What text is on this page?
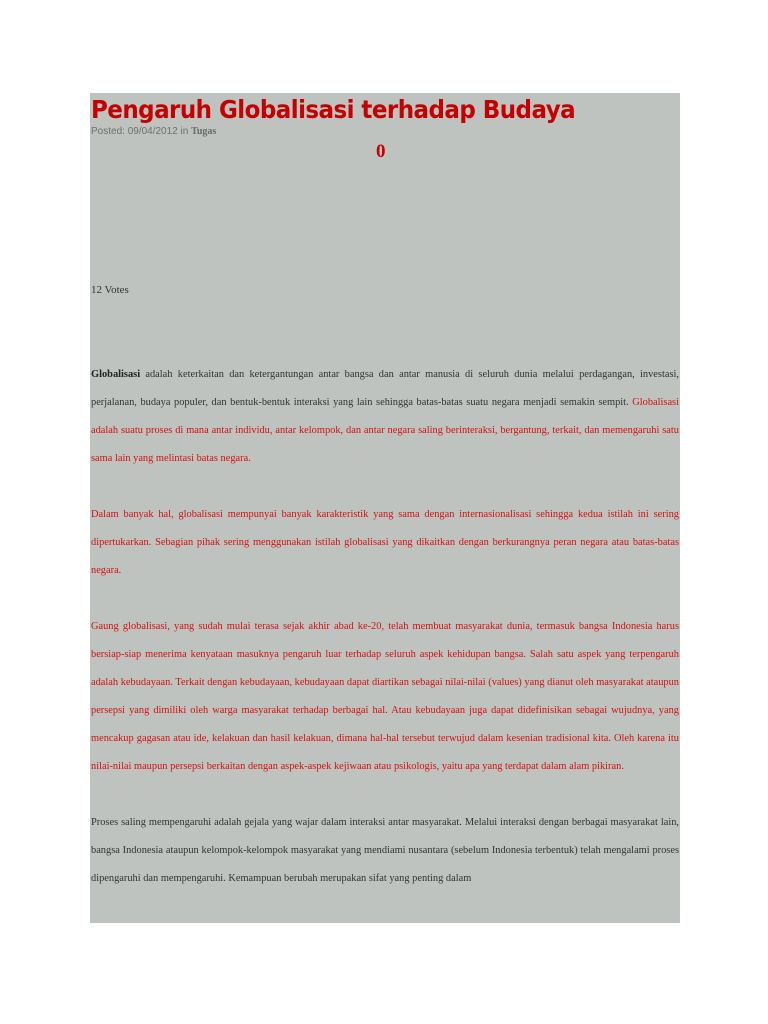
Pengaruh Globalisasi terhadap Budaya
Posted: 09/04/2012 in Tugas
0
12 Votes

Globalisasi adalah keterkaitan dan ketergantungan antar bangsa dan antar manusia di seluruh dunia melalui perdagangan, investasi, perjalanan, budaya populer, dan bentuk-bentuk interaksi yang lain sehingga batas-batas suatu negara menjadi semakin sempit. Globalisasi adalah suatu proses di mana antar individu, antar kelompok, dan antar negara saling berinteraksi, bergantung, terkait, dan memengaruhi satu sama lain yang melintasi batas negara.

Dalam banyak hal, globalisasi mempunyai banyak karakteristik yang sama dengan internasionalisasi sehingga kedua istilah ini sering dipertukarkan. Sebagian pihak sering menggunakan istilah globalisasi yang dikaitkan dengan berkurangnya peran negara atau batas-batas negara.

Gaung globalisasi, yang sudah mulai terasa sejak akhir abad ke-20, telah membuat masyarakat dunia, termasuk bangsa Indonesia harus bersiap-siap menerima kenyataan masuknya pengaruh luar terhadap seluruh aspek kehidupan bangsa. Salah satu aspek yang terpengaruh adalah kebudayaan. Terkait dengan kebudayaan, kebudayaan dapat diartikan sebagai nilai-nilai (values) yang dianut oleh masyarakat ataupun persepsi yang dimiliki oleh warga masyarakat terhadap berbagai hal. Atau kebudayaan juga dapat didefinisikan sebagai wujudnya, yang mencakup gagasan atau ide, kelakuan dan hasil kelakuan, dimana hal-hal tersebut terwujud dalam kesenian tradisional kita. Oleh karena itu nilai-nilai maupun persepsi berkaitan dengan aspek-aspek kejiwaan atau psikologis, yaitu apa yang terdapat dalam alam pikiran.

Proses saling mempengaruhi adalah gejala yang wajar dalam interaksi antar masyarakat. Melalui interaksi dengan berbagai masyarakat lain, bangsa Indonesia ataupun kelompok-kelompok masyarakat yang mendiami nusantara (sebelum Indonesia terbentuk) telah mengalami proses dipengaruhi dan mempengaruhi. Kemampuan berubah merupakan sifat yang penting dalam
